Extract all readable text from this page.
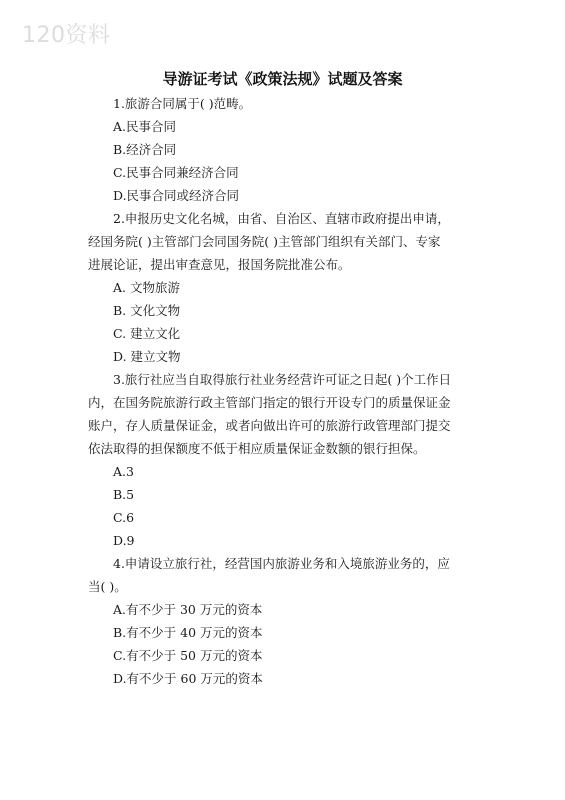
120资料
导游证考试《政策法规》试题及答案
1.旅游合同属于( )范畴。
A.民事合同
B.经济合同
C.民事合同兼经济合同
D.民事合同或经济合同
2.申报历史文化名城，由省、自治区、直辖市政府提出申请，
经国务院( )主管部门会同国务院( )主管部门组织有关部门、专家
进展论证，提出审查意见，报国务院批准公布。
A. 文物旅游
B. 文化文物
C. 建立文化
D. 建立文物
3.旅行社应当自取得旅行社业务经营许可证之日起( )个工作日
内，在国务院旅游行政主管部门指定的银行开设专门的质量保证金
账户，存人质量保证金，或者向做出许可的旅游行政管理部门提交
依法取得的担保额度不低于相应质量保证金数额的银行担保。
A.3
B.5
C.6
D.9
4.申请设立旅行社，经营国内旅游业务和入境旅游业务的，应
当( )。
A.有不少于 30 万元的资本
B.有不少于 40 万元的资本
C.有不少于 50 万元的资本
D.有不少于 60 万元的资本
